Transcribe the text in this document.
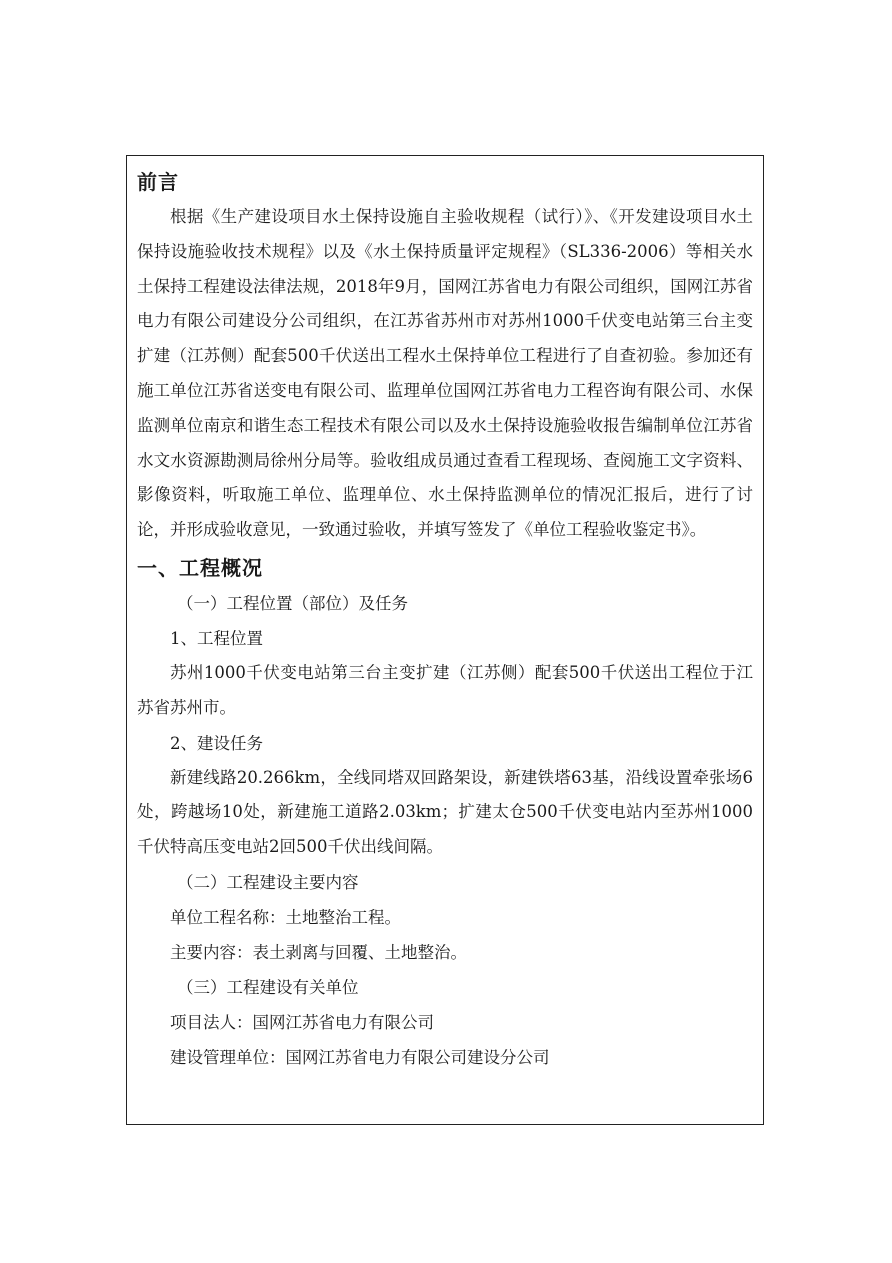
前言

根据《生产建设项目水土保持设施自主验收规程（试行）》、《开发建设项目水土保持设施验收技术规程》以及《水土保持质量评定规程》（SL336-2006）等相关水土保持工程建设法律法规，2018年9月，国网江苏省电力有限公司组织，国网江苏省电力有限公司建设分公司组织，在江苏省苏州市对苏州1000千伏变电站第三台主变扩建（江苏侧）配套500千伏送出工程水土保持单位工程进行了自查初验。参加还有施工单位江苏省送变电有限公司、监理单位国网江苏省电力工程咨询有限公司、水保监测单位南京和谐生态工程技术有限公司以及水土保持设施验收报告编制单位江苏省水文水资源勘测局徐州分局等。验收组成员通过查看工程现场、查阅施工文字资料、影像资料，听取施工单位、监理单位、水土保持监测单位的情况汇报后，进行了讨论，并形成验收意见，一致通过验收，并填写签发了《单位工程验收鉴定书》。

一、工程概况

（一）工程位置（部位）及任务

1、工程位置

苏州1000千伏变电站第三台主变扩建（江苏侧）配套500千伏送出工程位于江苏省苏州市。

2、建设任务

新建线路20.266km，全线同塔双回路架设，新建铁塔63基，沿线设置牵张场6处，跨越场10处，新建施工道路2.03km；扩建太仓500千伏变电站内至苏州1000千伏特高压变电站2回500千伏出线间隔。

（二）工程建设主要内容

单位工程名称：土地整治工程。

主要内容：表土剥离与回覆、土地整治。

（三）工程建设有关单位

项目法人：国网江苏省电力有限公司

建设管理单位：国网江苏省电力有限公司建设分公司
